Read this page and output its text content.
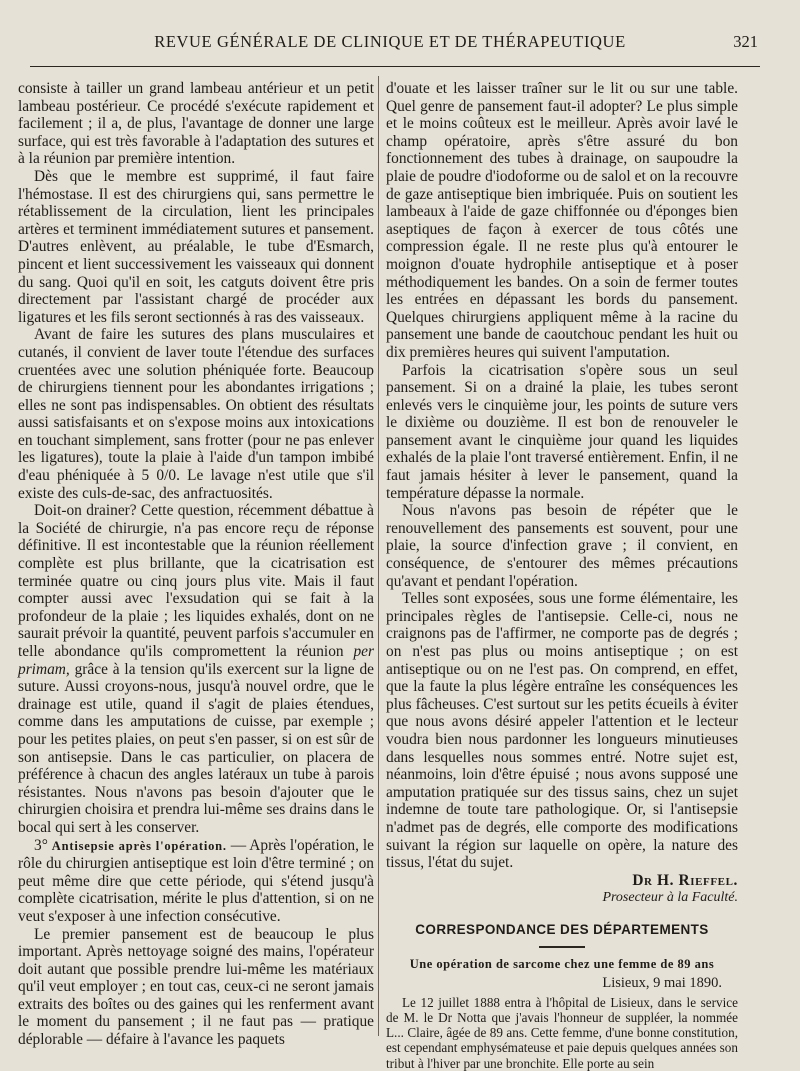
REVUE GÉNÉRALE DE CLINIQUE ET DE THÉRAPEUTIQUE	321

consiste à tailler un grand lambeau antérieur et un petit lambeau postérieur. Ce procédé s'exécute rapidement et facilement ; il a, de plus, l'avantage de donner une large surface, qui est très favorable à l'adaptation des sutures et à la réunion par première intention.

Dès que le membre est supprimé, il faut faire l'hémostase. Il est des chirurgiens qui, sans permettre le rétablissement de la circulation, lient les principales artères et terminent immédiatement sutures et pansement. D'autres enlèvent, au préalable, le tube d'Esmarch, pincent et lient successivement les vaisseaux qui donnent du sang. Quoi qu'il en soit, les catguts doivent être pris directement par l'assistant chargé de procéder aux ligatures et les fils seront sectionnés à ras des vaisseaux.

Avant de faire les sutures des plans musculaires et cutanés, il convient de laver toute l'étendue des surfaces cruentées avec une solution phéniquée forte. Beaucoup de chirurgiens tiennent pour les abondantes irrigations ; elles ne sont pas indispensables. On obtient des résultats aussi satisfaisants et on s'expose moins aux intoxications en touchant simplement, sans frotter (pour ne pas enlever les ligatures), toute la plaie à l'aide d'un tampon imbibé d'eau phéniquée à 5 0/0. Le lavage n'est utile que s'il existe des culs-de-sac, des anfractuosités.

Doit-on drainer? Cette question, récemment débattue à la Société de chirurgie, n'a pas encore reçu de réponse définitive. Il est incontestable que la réunion réellement complète est plus brillante, que la cicatrisation est terminée quatre ou cinq jours plus vite. Mais il faut compter aussi avec l'exsudation qui se fait à la profondeur de la plaie ; les liquides exhalés, dont on ne saurait prévoir la quantité, peuvent parfois s'accumuler en telle abondance qu'ils compromettent la réunion per primam, grâce à la tension qu'ils exercent sur la ligne de suture. Aussi croyons-nous, jusqu'à nouvel ordre, que le drainage est utile, quand il s'agit de plaies étendues, comme dans les amputations de cuisse, par exemple ; pour les petites plaies, on peut s'en passer, si on est sûr de son antisepsie. Dans le cas particulier, on placera de préférence à chacun des angles latéraux un tube à parois résistantes. Nous n'avons pas besoin d'ajouter que le chirurgien choisira et prendra lui-même ses drains dans le bocal qui sert à les conserver.

3° Antisepsie après l'opération. — Après l'opération, le rôle du chirurgien antiseptique est loin d'être terminé ; on peut même dire que cette période, qui s'étend jusqu'à complète cicatrisation, mérite le plus d'attention, si on ne veut s'exposer à une infection consécutive.

Le premier pansement est de beaucoup le plus important. Après nettoyage soigné des mains, l'opérateur doit autant que possible prendre lui-même les matériaux qu'il veut employer ; en tout cas, ceux-ci ne seront jamais extraits des boîtes ou des gaines qui les renferment avant le moment du pansement ; il ne faut pas — pratique déplorable — défaire à l'avance les paquets

d'ouate et les laisser traîner sur le lit ou sur une table. Quel genre de pansement faut-il adopter? Le plus simple et le moins coûteux est le meilleur. Après avoir lavé le champ opératoire, après s'être assuré du bon fonctionnement des tubes à drainage, on saupoudre la plaie de poudre d'iodoforme ou de salol et on la recouvre de gaze antiseptique bien imbriquée. Puis on soutient les lambeaux à l'aide de gaze chiffonnée ou d'éponges bien aseptiques de façon à exercer de tous côtés une compression égale. Il ne reste plus qu'à entourer le moignon d'ouate hydrophile antiseptique et à poser méthodiquement les bandes. On a soin de fermer toutes les entrées en dépassant les bords du pansement. Quelques chirurgiens appliquent même à la racine du pansement une bande de caoutchouc pendant les huit ou dix premières heures qui suivent l'amputation.

Parfois la cicatrisation s'opère sous un seul pansement. Si on a drainé la plaie, les tubes seront enlevés vers le cinquième jour, les points de suture vers le dixième ou douzième. Il est bon de renouveler le pansement avant le cinquième jour quand les liquides exhalés de la plaie l'ont traversé entièrement. Enfin, il ne faut jamais hésiter à lever le pansement, quand la température dépasse la normale.

Nous n'avons pas besoin de répéter que le renouvellement des pansements est souvent, pour une plaie, la source d'infection grave ; il convient, en conséquence, de s'entourer des mêmes précautions qu'avant et pendant l'opération.

Telles sont exposées, sous une forme élémentaire, les principales règles de l'antisepsie. Celle-ci, nous ne craignons pas de l'affirmer, ne comporte pas de degrés ; on n'est pas plus ou moins antiseptique ; on est antiseptique ou on ne l'est pas. On comprend, en effet, que la faute la plus légère entraîne les conséquences les plus fâcheuses. C'est surtout sur les petits écueils à éviter que nous avons désiré appeler l'attention et le lecteur voudra bien nous pardonner les longueurs minutieuses dans lesquelles nous sommes entré. Notre sujet est, néanmoins, loin d'être épuisé ; nous avons supposé une amputation pratiquée sur des tissus sains, chez un sujet indemne de toute tare pathologique. Or, si l'antisepsie n'admet pas de degrés, elle comporte des modifications suivant la région sur laquelle on opère, la nature des tissus, l'état du sujet.

Dr H. Rieffel.

Prosecteur à la Faculté.

CORRESPONDANCE DES DÉPARTEMENTS
Une opération de sarcome chez une femme de 89 ans
Lisieux, 9 mai 1890.

Le 12 juillet 1888 entra à l'hôpital de Lisieux, dans le service de M. le Dr Notta que j'avais l'honneur de suppléer, la nommée L... Claire, âgée de 89 ans. Cette femme, d'une bonne constitution, est cependant emphysémateuse et paie depuis quelques années son tribut à l'hiver par une bronchite. Elle porte au sein
